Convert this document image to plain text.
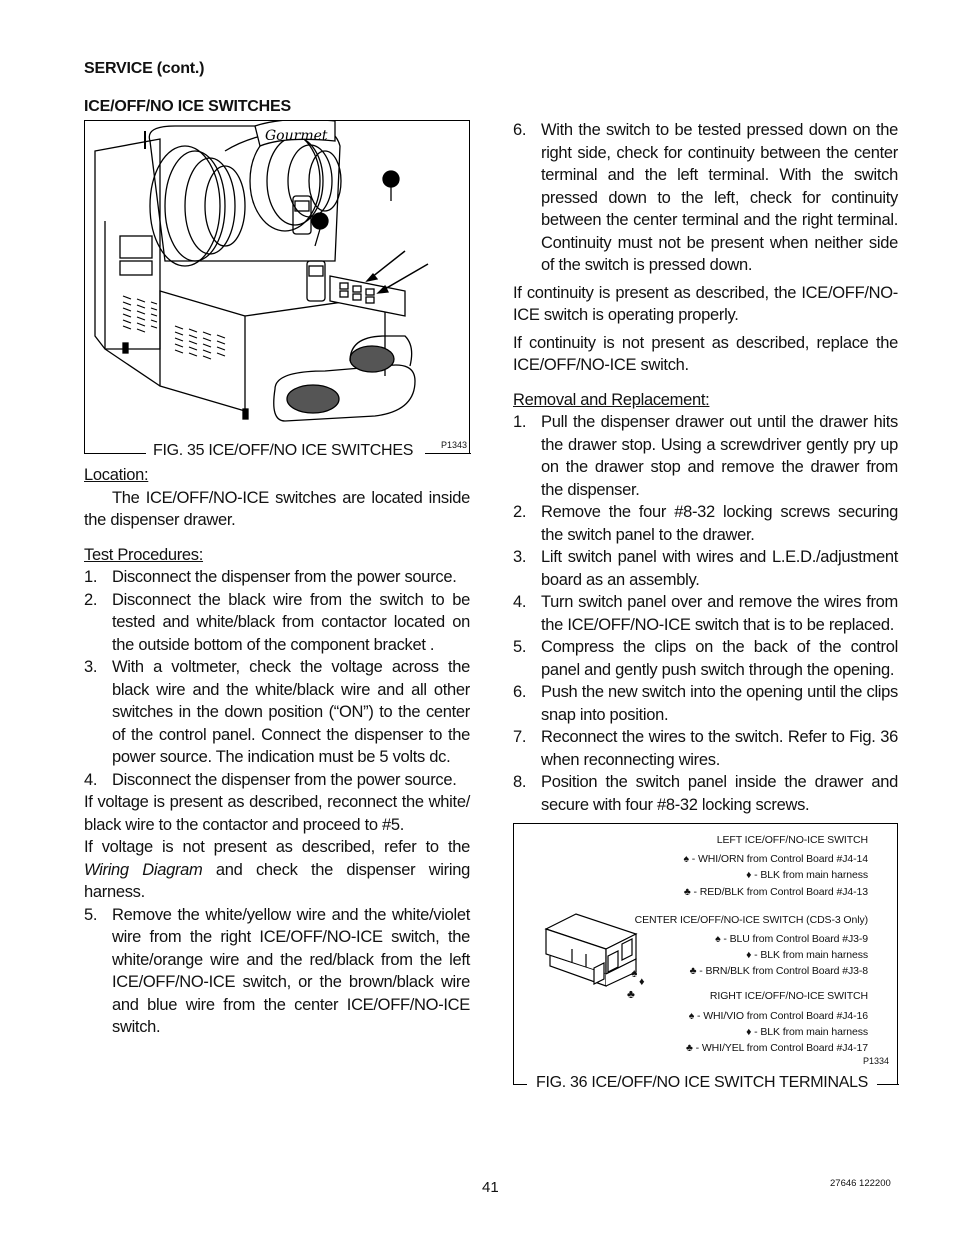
SERVICE (cont.)
ICE/OFF/NO ICE SWITCHES
Gourmet
FIG. 35 ICE/OFF/NO ICE SWITCHES	P1343
Location:

The ICE/OFF/NO-ICE switches are located inside the dispenser drawer.

Test Procedures:
1. Disconnect the dispenser from the power source.
2. Disconnect the black wire from the switch to be tested and white/black from contactor located on the outside bottom of the component bracket .
3. With a voltmeter, check the voltage across the black wire and the white/black wire and all other switches in the down position (“ON”) to the center of the control panel. Connect the dispenser to the power source. The indication must be 5 volts dc.
4. Disconnect the dispenser from the power source.

If voltage is present as described, reconnect the white/ black wire to the contactor and proceed to #5.

If voltage is not present as described, refer to the Wiring Diagram and check the dispenser wiring harness.

5. Remove the white/yellow wire and the white/violet wire from the right ICE/OFF/NO-ICE switch, the white/orange wire and the red/black from the left ICE/OFF/NO-ICE switch, or the brown/black wire and blue wire from the center ICE/OFF/NO-ICE switch.
6. With the switch to be tested pressed down on the right side, check for continuity between the center terminal and the left terminal. With the switch pressed down to the left, check for continuity between the center terminal and the right terminal. Continuity must not be present when neither side of the switch is pressed down.

If continuity is present as described, the ICE/OFF/NO-ICE switch is operating properly.

If continuity is not present as described, replace the ICE/OFF/NO-ICE switch.

Removal and Replacement:
1. Pull the dispenser drawer out until the drawer hits the drawer stop. Using a screwdriver gently pry up on the drawer stop and remove the drawer from the dispenser.
2. Remove the four #8-32 locking screws securing the switch panel to the drawer.
3. Lift switch panel with wires and L.E.D./adjustment board as an assembly.
4. Turn switch panel over and remove the wires from the ICE/OFF/NO-ICE switch that is to be replaced.
5. Compress the clips on the back of the control panel and gently push switch through the opening.
6. Push the new switch into the opening until the clips snap into position.
7. Reconnect the wires to the switch. Refer to Fig. 36 when reconnecting wires.
8. Position the switch panel inside the drawer and secure with four #8-32 locking screws.
♠
♦
♣
LEFT ICE/OFF/NO-ICE SWITCH
♠ - WHI/ORN from Control Board #J4-14
♦ - BLK from main harness
♣ - RED/BLK from Control Board #J4-13
CENTER ICE/OFF/NO-ICE SWITCH (CDS-3 Only)
♠ - BLU from Control Board #J3-9
♦ - BLK from main harness
♣ - BRN/BLK from Control Board #J3-8
RIGHT ICE/OFF/NO-ICE SWITCH
♠ - WHI/VIO from Control Board #J4-16
♦ - BLK from main harness
♣ - WHI/YEL from Control Board #J4-17
P1334
FIG. 36 ICE/OFF/NO ICE SWITCH TERMINALS
41	27646 122200
